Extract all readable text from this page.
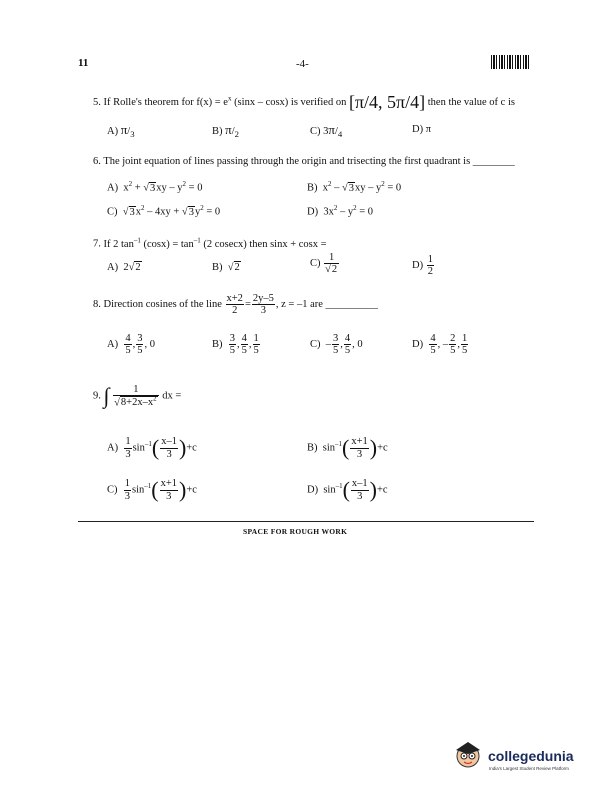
11	-4-
5. If Rolle's theorem for $f(x) = e^x$ (sinx – cosx) is verified on [π/4, 5π/4] then the value of c is
A) $\pi/_3$	B) $\pi/_2$	C) $3\pi/_4$	D) π
6. The joint equation of lines passing through the origin and trisecting the first quadrant is ________
A)  $x^2 + √3xy - y^2 = 0$	B)  $x^2 - √3xy - y^2 = 0$
C)  $√3x^2 - 4xy + √3y^2 = 0$	D)  $3x^2 - y^2 = 0$
7. If 2 $\tan^{-1} (\cos x) = \tan^{-1} (2$ cosecx) then sinx + cosx =
A)  2√2	B)  √2	$C) \frac{1}{√2}$	$D) \frac{1}{2}$
8. Direction cosines of the line $\frac{x+2}{2} = \frac{2y-5}{3}$ , z = –1 are __________
$A) \frac{4}{5}$ , $\frac{3}{5}$ , 0	$B) \frac{3}{5}$ , $\frac{4}{5}$ , $\frac{1}{5}$	$C) - \frac{3}{5}$ , $\frac{4}{5}$ , 0	$D) \frac{4}{5}$ , – $\frac{2}{5}$ , $\frac{1}{5}$
9. ∫ $\frac{1}{√8+2x-x^2}$ dx =
$A) \frac{1}{3} \sin^{-1}( \frac{x-1}{3} )+c$	B)  $\sin^{-1}( \frac{x+1}{3} )+c$
$C) \frac{1}{3} \sin^{-1}( \frac{x+1}{3} )+c$	D)  $\sin^{-1}( \frac{x-1}{3} )+c$
SPACE FOR ROUGH WORK
collegedunia
India's Largest Student Review Platform
